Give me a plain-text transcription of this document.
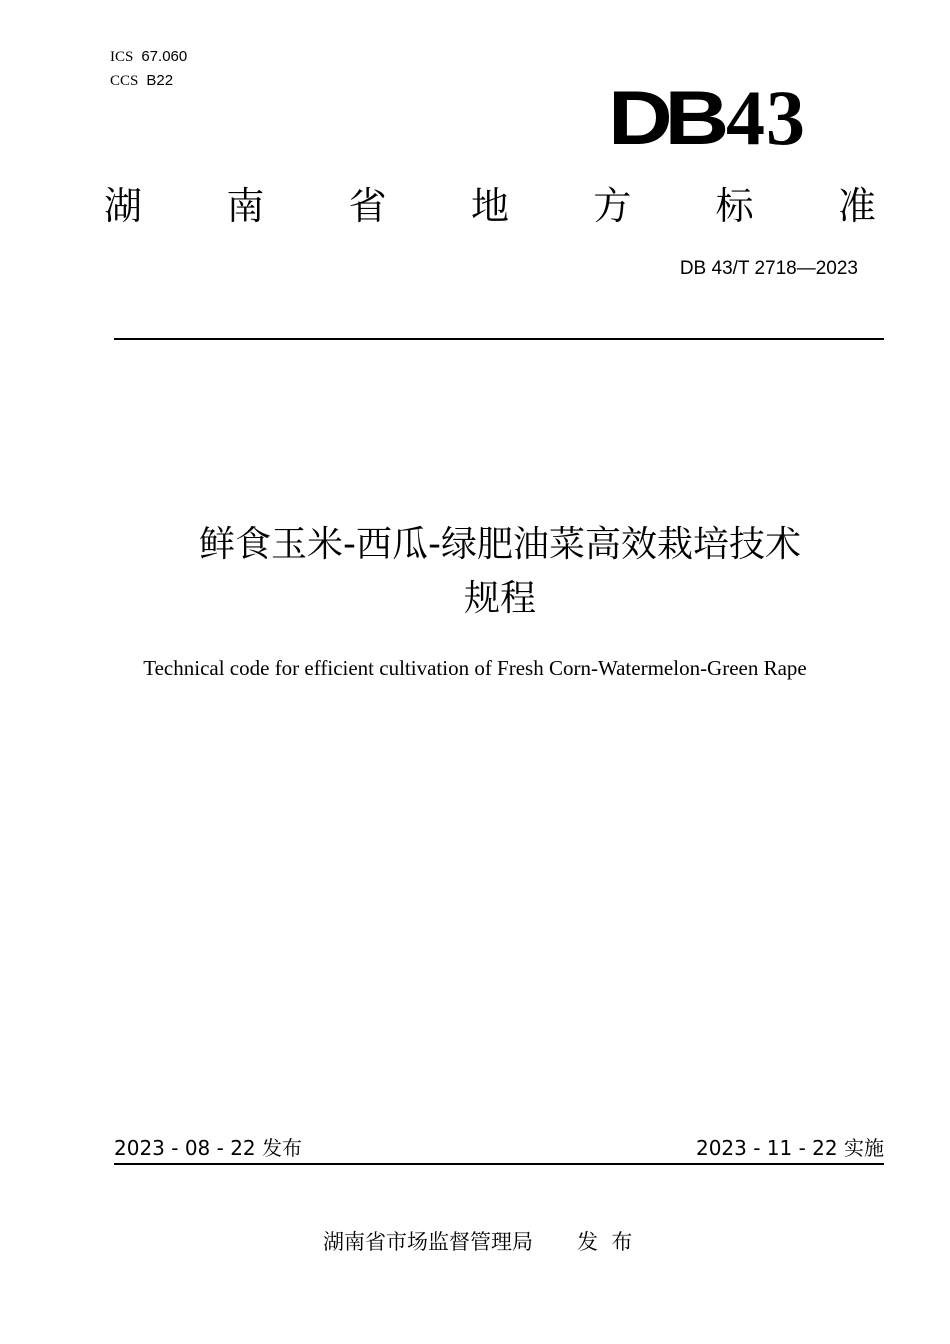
ICS 67.060
CCS B22	DB 43
湖 南 省 地 方 标 准
DB 43/T 2718—2023
鲜食玉米-西瓜-绿肥油菜高效栽培技术
规程
Technical code for efficient cultivation of Fresh Corn-Watermelon-Green Rape
2023 - 08 - 22 发布	2023 - 11 - 22 实施
湖南省市场监督管理局 发  布
